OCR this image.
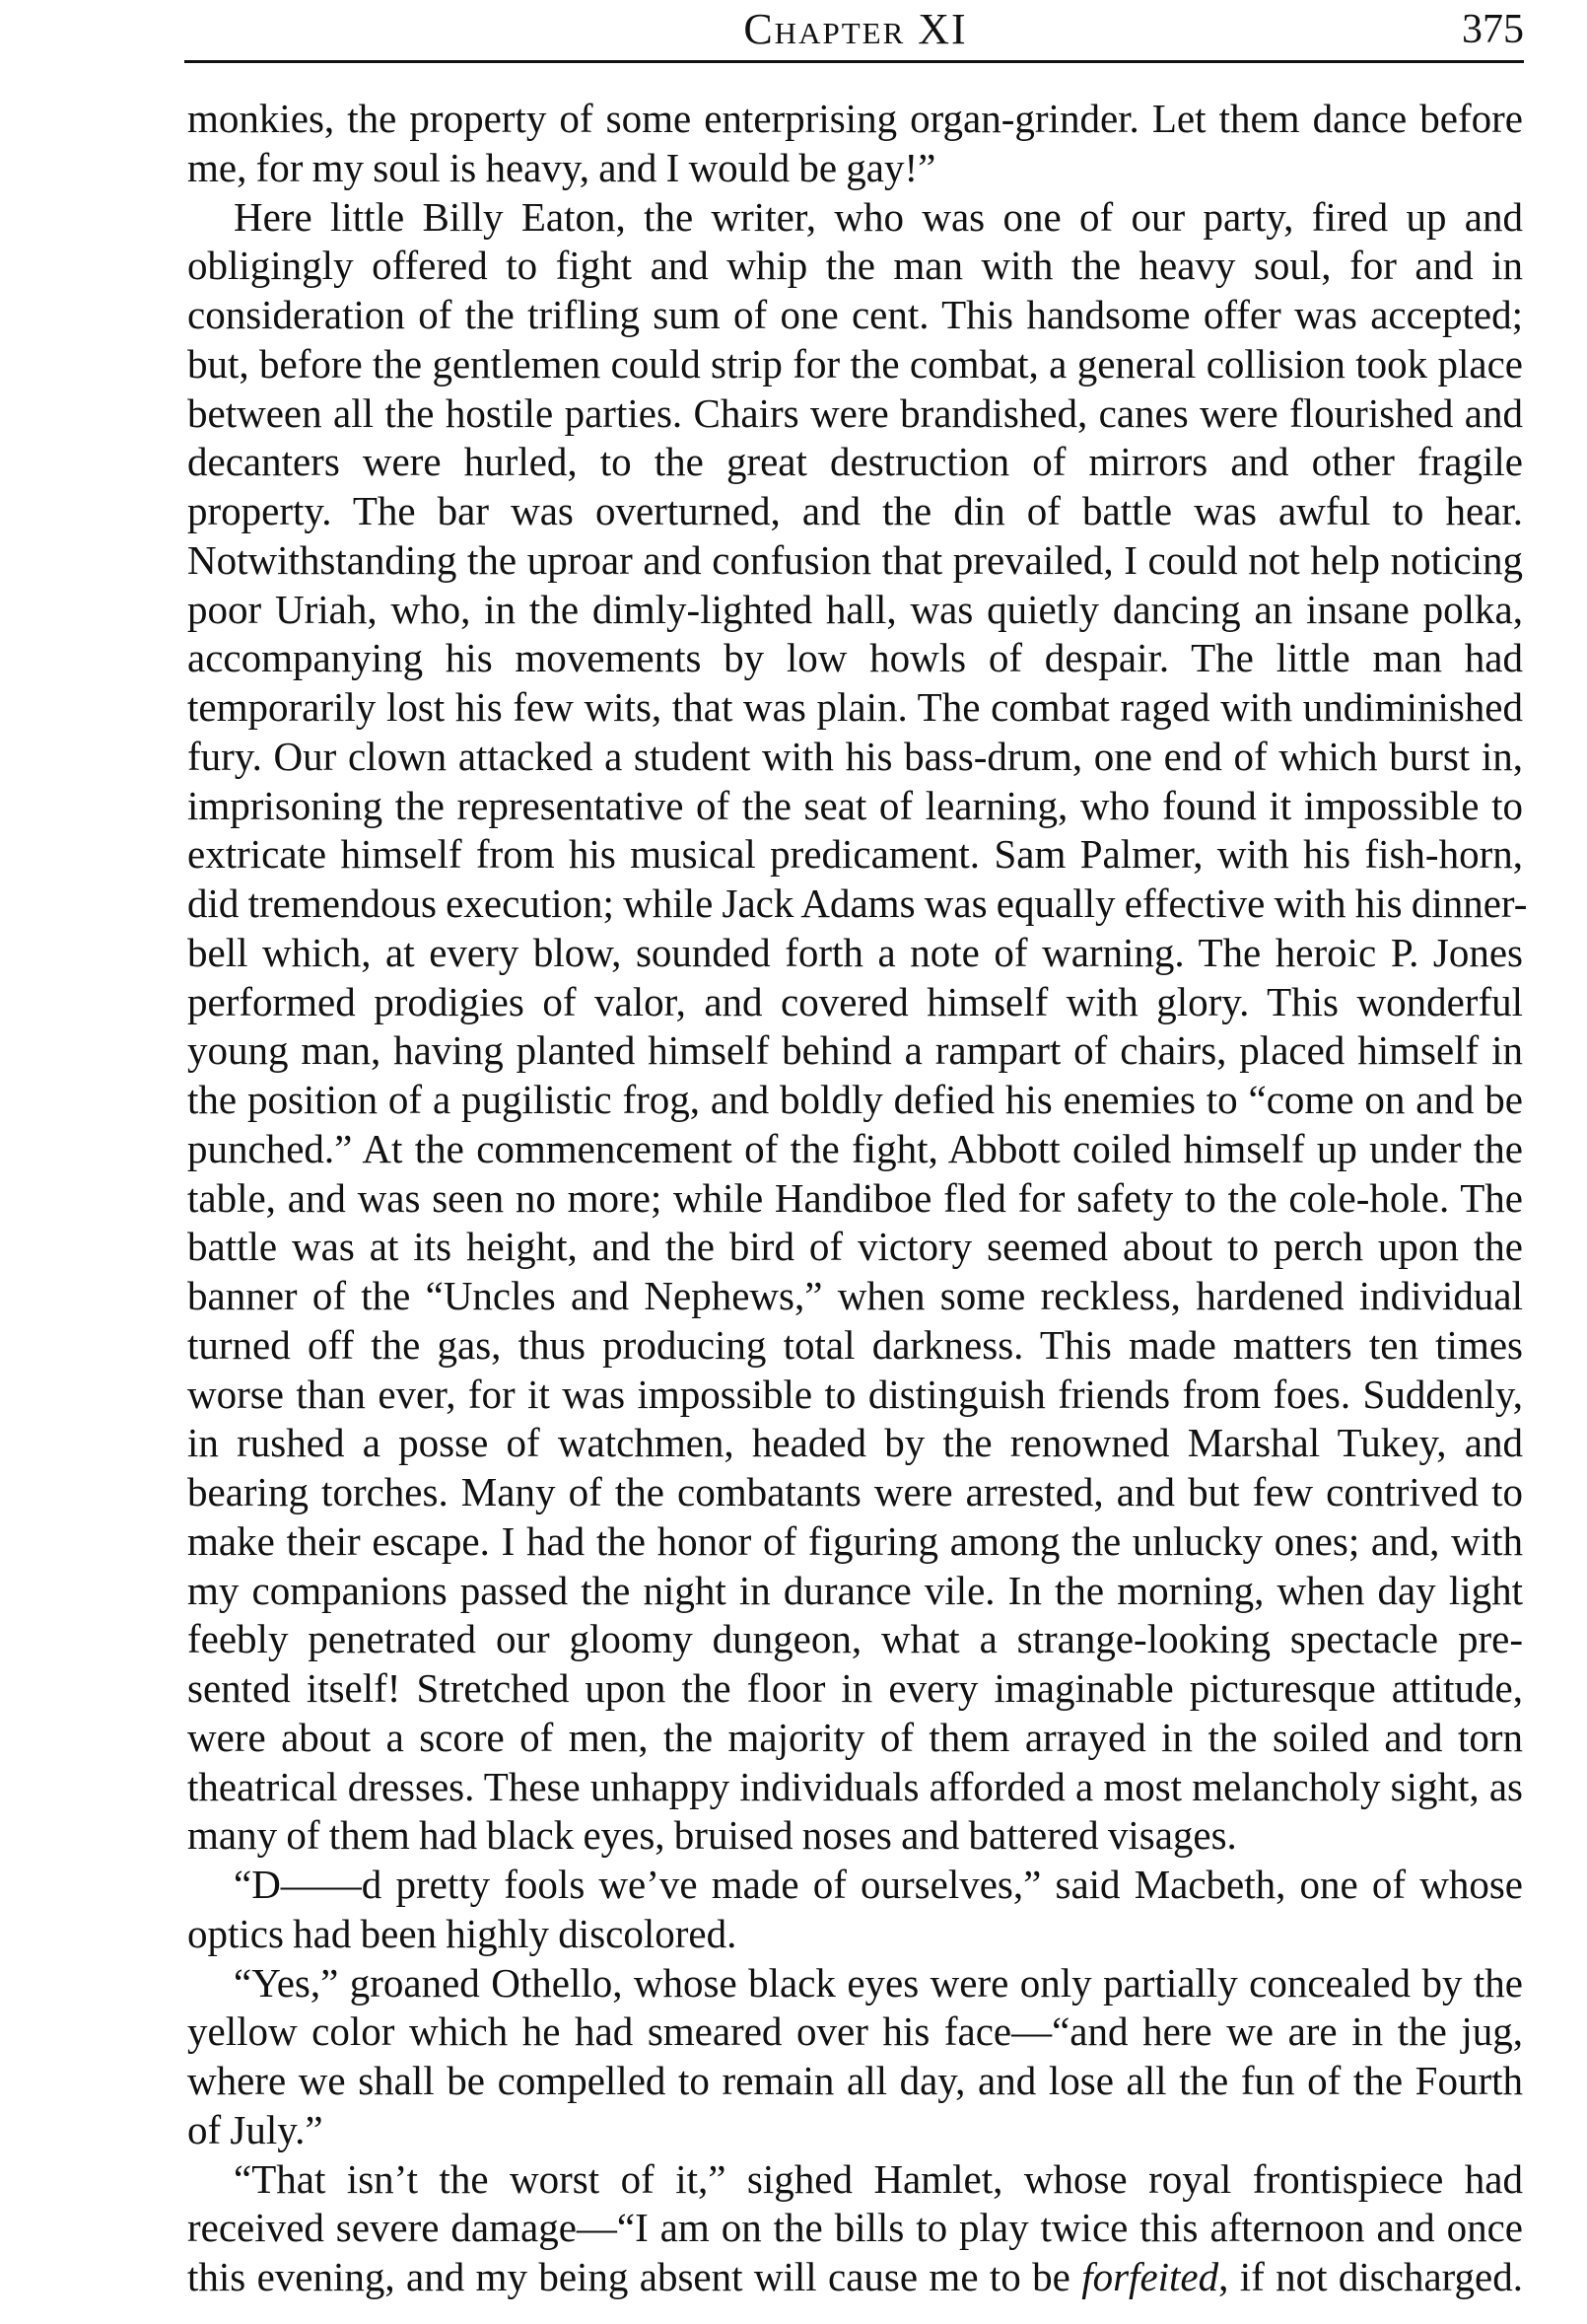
Chapter XI	375
monkies, the property of some enterprising organ-grinder. Let them dance before
me, for my soul is heavy, and I would be gay!”
Here little Billy Eaton, the writer, who was one of our party, fired up and
obligingly offered to fight and whip the man with the heavy soul, for and in
consideration of the trifling sum of one cent. This handsome offer was accepted;
but, before the gentlemen could strip for the combat, a general collision took place
between all the hostile parties. Chairs were brandished, canes were flourished and
decanters were hurled, to the great destruction of mirrors and other fragile
property. The bar was overturned, and the din of battle was awful to hear.
Notwithstanding the uproar and confusion that prevailed, I could not help noticing
poor Uriah, who, in the dimly-lighted hall, was quietly dancing an insane polka,
accompanying his movements by low howls of despair. The little man had
temporarily lost his few wits, that was plain. The combat raged with undiminished
fury. Our clown attacked a student with his bass-drum, one end of which burst in,
imprisoning the representative of the seat of learning, who found it impossible to
extricate himself from his musical predicament. Sam Palmer, with his fish-horn,
did tremendous execution; while Jack Adams was equally effective with his dinner-
bell which, at every blow, sounded forth a note of warning. The heroic P. Jones
performed prodigies of valor, and covered himself with glory. This wonderful
young man, having planted himself behind a rampart of chairs, placed himself in
the position of a pugilistic frog, and boldly defied his enemies to “come on and be
punched.” At the commencement of the fight, Abbott coiled himself up under the
table, and was seen no more; while Handiboe fled for safety to the cole-hole. The
battle was at its height, and the bird of victory seemed about to perch upon the
banner of the “Uncles and Nephews,” when some reckless, hardened individual
turned off the gas, thus producing total darkness. This made matters ten times
worse than ever, for it was impossible to distinguish friends from foes. Suddenly,
in rushed a posse of watchmen, headed by the renowned Marshal Tukey, and
bearing torches. Many of the combatants were arrested, and but few contrived to
make their escape. I had the honor of figuring among the unlucky ones; and, with
my companions passed the night in durance vile. In the morning, when day light
feebly penetrated our gloomy dungeon, what a strange-looking spectacle pre-
sented itself! Stretched upon the floor in every imaginable picturesque attitude,
were about a score of men, the majority of them arrayed in the soiled and torn
theatrical dresses. These unhappy individuals afforded a most melancholy sight, as
many of them had black eyes, bruised noses and battered visages.
“D——d pretty fools we’ve made of ourselves,” said Macbeth, one of whose
optics had been highly discolored.
“Yes,” groaned Othello, whose black eyes were only partially concealed by the
yellow color which he had smeared over his face—“and here we are in the jug,
where we shall be compelled to remain all day, and lose all the fun of the Fourth
of July.”
“That isn’t the worst of it,” sighed Hamlet, whose royal frontispiece had
received severe damage—“I am on the bills to play twice this afternoon and once
this evening, and my being absent will cause me to be forfeited, if not discharged.
